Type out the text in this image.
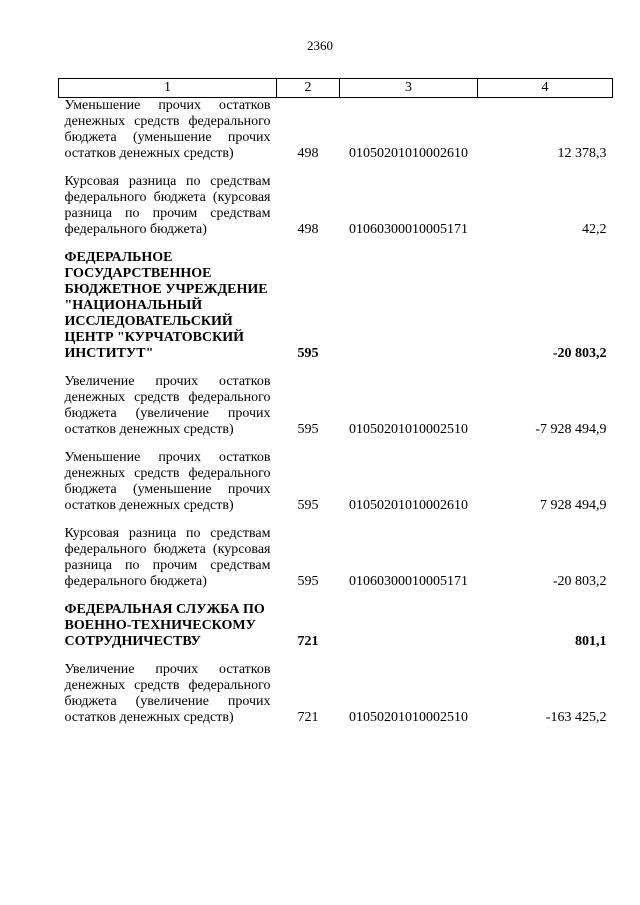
2360
1	2	3	4
Уменьшение прочих остатков денежных средств федерального бюджета (уменьшение прочих остатков денежных средств)	498	01050201010002610	12 378,3
Курсовая разница по средствам федерального бюджета (курсовая разница по прочим средствам федерального бюджета)	498	01060300010005171	42,2
ФЕДЕРАЛЬНОЕ ГОСУДАРСТВЕННОЕ БЮДЖЕТНОЕ УЧРЕЖДЕНИЕ "НАЦИОНАЛЬНЫЙ ИССЛЕДОВАТЕЛЬСКИЙ ЦЕНТР "КУРЧАТОВСКИЙ ИНСТИТУТ"	595		-20 803,2
Увеличение прочих остатков денежных средств федерального бюджета (увеличение прочих остатков денежных средств)	595	01050201010002510	-7 928 494,9
Уменьшение прочих остатков денежных средств федерального бюджета (уменьшение прочих остатков денежных средств)	595	01050201010002610	7 928 494,9
Курсовая разница по средствам федерального бюджета (курсовая разница по прочим средствам федерального бюджета)	595	01060300010005171	-20 803,2
ФЕДЕРАЛЬНАЯ СЛУЖБА ПО ВОЕННО-ТЕХНИЧЕСКОМУ СОТРУДНИЧЕСТВУ	721		801,1
Увеличение прочих остатков денежных средств федерального бюджета (увеличение прочих остатков денежных средств)	721	01050201010002510	-163 425,2
